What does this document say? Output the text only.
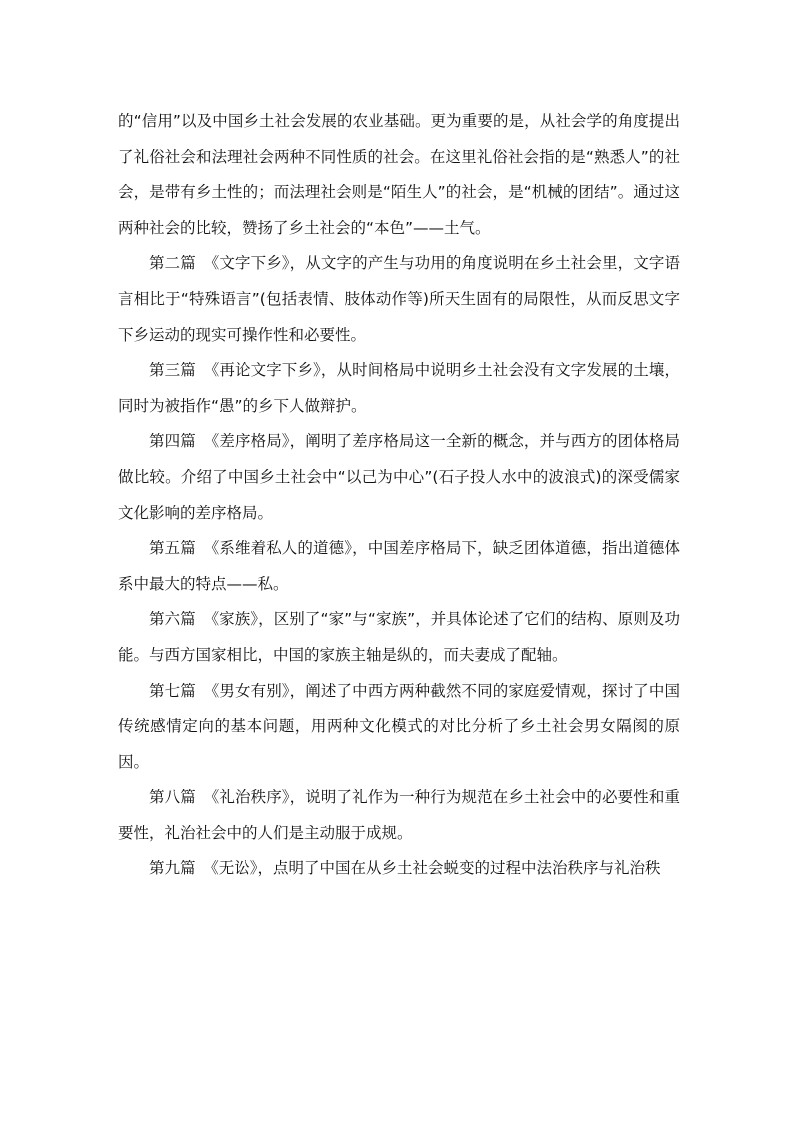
的“信用”以及中国乡土社会发展的农业基础。更为重要的是，从社会学的角度提出了礼俗社会和法理社会两种不同性质的社会。在这里礼俗社会指的是“熟悉人”的社会，是带有乡土性的；而法理社会则是“陌生人”的社会，是“机械的团结”。通过这两种社会的比较，赞扬了乡土社会的“本色”——土气。

第二篇　《文字下乡》，从文字的产生与功用的角度说明在乡土社会里，文字语言相比于“特殊语言”(包括表情、肢体动作等)所天生固有的局限性，从而反思文字下乡运动的现实可操作性和必要性。

第三篇　《再论文字下乡》，从时间格局中说明乡土社会没有文字发展的土壤，同时为被指作“愚”的乡下人做辩护。

第四篇　《差序格局》，阐明了差序格局这一全新的概念，并与西方的团体格局做比较。介绍了中国乡土社会中“以己为中心”(石子投人水中的波浪式)的深受儒家文化影响的差序格局。

第五篇　《系维着私人的道德》，中国差序格局下，缺乏团体道德，指出道德体系中最大的特点——私。

第六篇　《家族》，区别了“家”与“家族”，并具体论述了它们的结构、原则及功能。与西方国家相比，中国的家族主轴是纵的，而夫妻成了配轴。

第七篇　《男女有别》，阐述了中西方两种截然不同的家庭爱情观，探讨了中国传统感情定向的基本问题，用两种文化模式的对比分析了乡土社会男女隔阂的原因。

第八篇　《礼治秩序》，说明了礼作为一种行为规范在乡土社会中的必要性和重要性，礼治社会中的人们是主动服于成规。

第九篇　《无讼》，点明了中国在从乡土社会蜕变的过程中法治秩序与礼治秩
